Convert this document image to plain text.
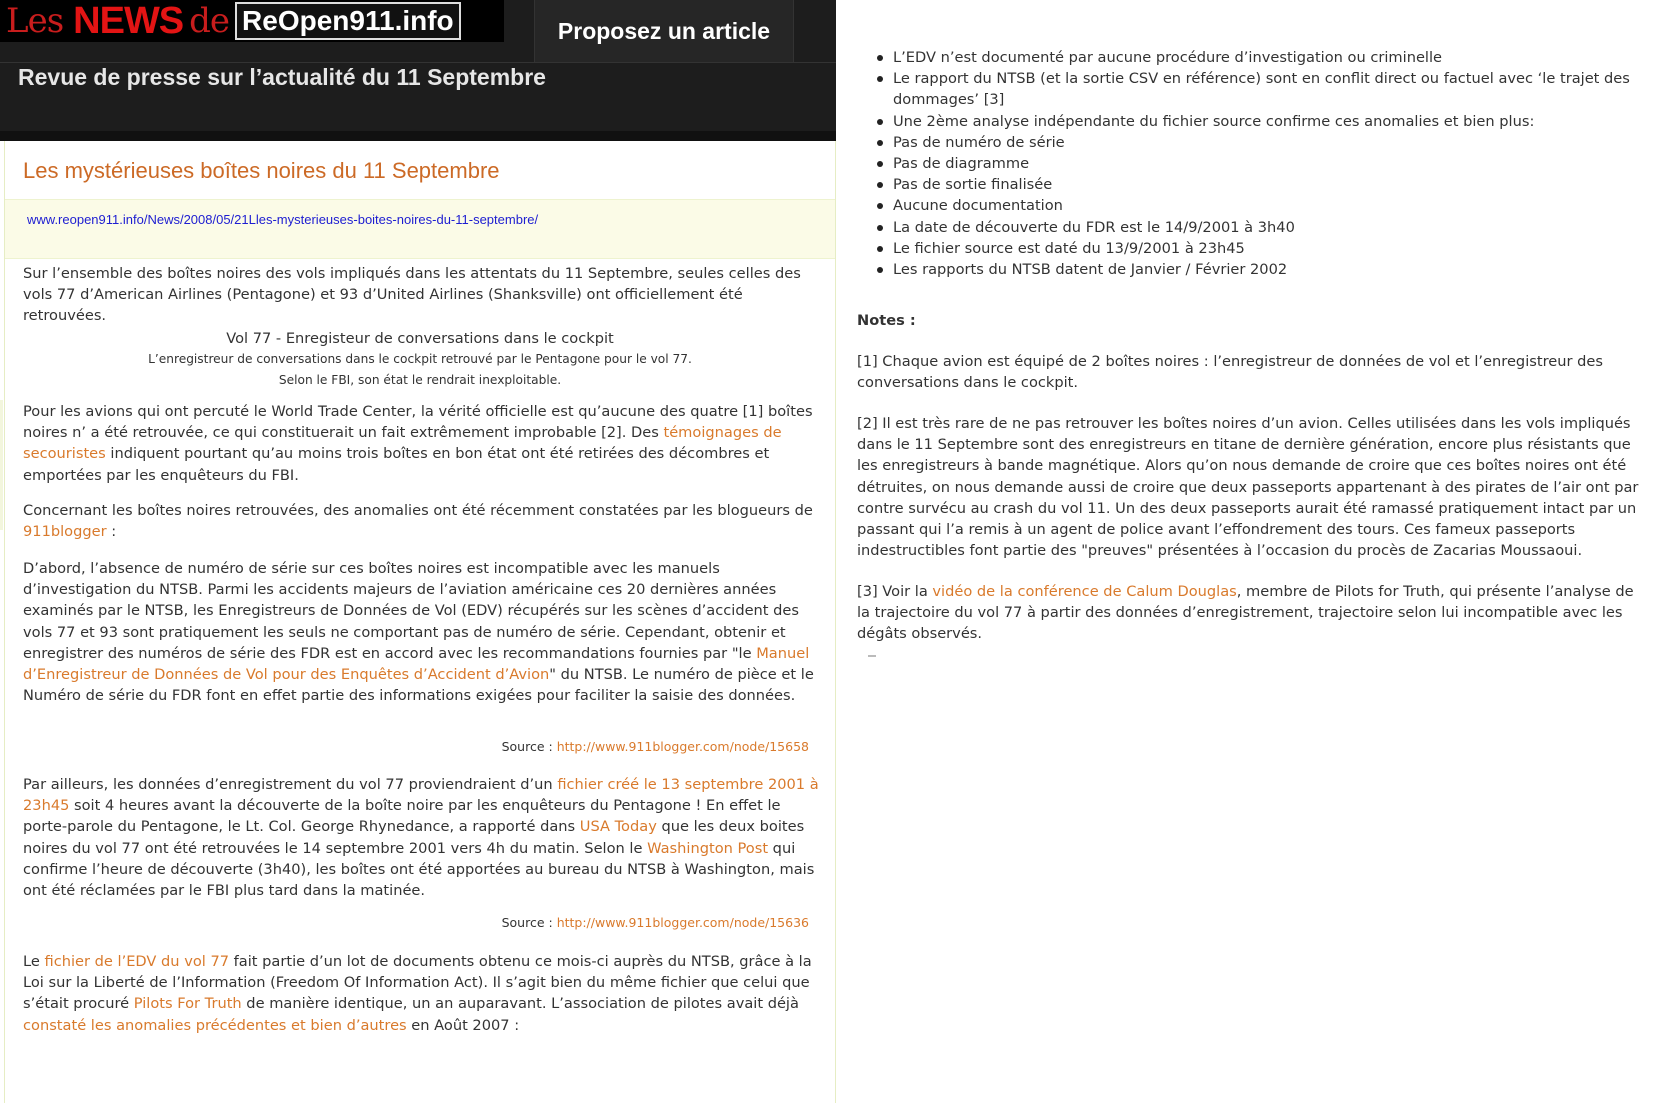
Les NEWS de ReOpen911.info	Proposez un article
Revue de presse sur l’actualité du 11 Septembre
Les mystérieuses boîtes noires du 11 Septembre
www.reopen911.info/News/2008/05/21Lles-mysterieuses-boites-noires-du-11-septembre/
Sur l’ensemble des boîtes noires des vols impliqués dans les attentats du 11 Septembre, seules celles des vols 77 d’American Airlines (Pentagone) et 93 d’United Airlines (Shanksville) ont officiellement été retrouvées.
Vol 77 - Enregisteur de conversations dans le cockpit
L’enregistreur de conversations dans le cockpit retrouvé par le Pentagone pour le vol 77.
Selon le FBI, son état le rendrait inexploitable.
Pour les avions qui ont percuté le World Trade Center, la vérité officielle est qu’aucune des quatre [1] boîtes noires n’ a été retrouvée, ce qui constituerait un fait extrêmement improbable [2]. Des témoignages de secouristes indiquent pourtant qu’au moins trois boîtes en bon état ont été retirées des décombres et emportées par les enquêteurs du FBI.
Concernant les boîtes noires retrouvées, des anomalies ont été récemment constatées par les blogueurs de 911blogger :
D’abord, l’absence de numéro de série sur ces boîtes noires est incompatible avec les manuels d’investigation du NTSB. Parmi les accidents majeurs de l’aviation américaine ces 20 dernières années examinés par le NTSB, les Enregistreurs de Données de Vol (EDV) récupérés sur les scènes d’accident des vols 77 et 93 sont pratiquement les seuls ne comportant pas de numéro de série. Cependant, obtenir et enregistrer des numéros de série des FDR est en accord avec les recommandations fournies par "le Manuel d’Enregistreur de Données de Vol pour des Enquêtes d’Accident d’Avion" du NTSB. Le numéro de pièce et le Numéro de série du FDR font en effet partie des informations exigées pour faciliter la saisie des données.
Source : http://www.911blogger.com/node/15658
Par ailleurs, les données d’enregistrement du vol 77 proviendraient d’un fichier créé le 13 septembre 2001 à 23h45 soit 4 heures avant la découverte de la boîte noire par les enquêteurs du Pentagone ! En effet le porte-parole du Pentagone, le Lt. Col. George Rhynedance, a rapporté dans USA Today que les deux boites noires du vol 77 ont été retrouvées le 14 septembre 2001 vers 4h du matin. Selon le Washington Post qui confirme l’heure de découverte (3h40), les boîtes ont été apportées au bureau du NTSB à Washington, mais ont été réclamées par le FBI plus tard dans la matinée.
Source : http://www.911blogger.com/node/15636
Le fichier de l’EDV du vol 77 fait partie d’un lot de documents obtenu ce mois-ci auprès du NTSB, grâce à la Loi sur la Liberté de l’Information (Freedom Of Information Act). Il s’agit bien du même fichier que celui que s’était procuré Pilots For Truth de manière identique, un an auparavant. L’association de pilotes avait déjà constaté les anomalies précédentes et bien d’autres en Août 2007 :
L’EDV n’est documenté par aucune procédure d’investigation ou criminelle
Le rapport du NTSB (et la sortie CSV en référence) sont en conflit direct ou factuel avec ‘le trajet des dommages’ [3]
Une 2ème analyse indépendante du fichier source confirme ces anomalies et bien plus:
Pas de numéro de série
Pas de diagramme
Pas de sortie finalisée
Aucune documentation
La date de découverte du FDR est le 14/9/2001 à 3h40
Le fichier source est daté du 13/9/2001 à 23h45
Les rapports du NTSB datent de Janvier / Février 2002
Notes :
[1] Chaque avion est équipé de 2 boîtes noires : l’enregistreur de données de vol et l’enregistreur des conversations dans le cockpit.
[2] Il est très rare de ne pas retrouver les boîtes noires d’un avion. Celles utilisées dans les vols impliqués dans le 11 Septembre sont des enregistreurs en titane de dernière génération, encore plus résistants que les enregistreurs à bande magnétique. Alors qu’on nous demande de croire que ces boîtes noires ont été détruites, on nous demande aussi de croire que deux passeports appartenant à des pirates de l’air ont par contre survécu au crash du vol 11. Un des deux passeports aurait été ramassé pratiquement intact par un passant qui l’a remis à un agent de police avant l’effondrement des tours. Ces fameux passeports indestructibles font partie des "preuves" présentées à l’occasion du procès de Zacarias Moussaoui.
[3] Voir la vidéo de la conférence de Calum Douglas, membre de Pilots for Truth, qui présente l’analyse de la trajectoire du vol 77 à partir des données d’enregistrement, trajectoire selon lui incompatible avec les dégâts observés.
